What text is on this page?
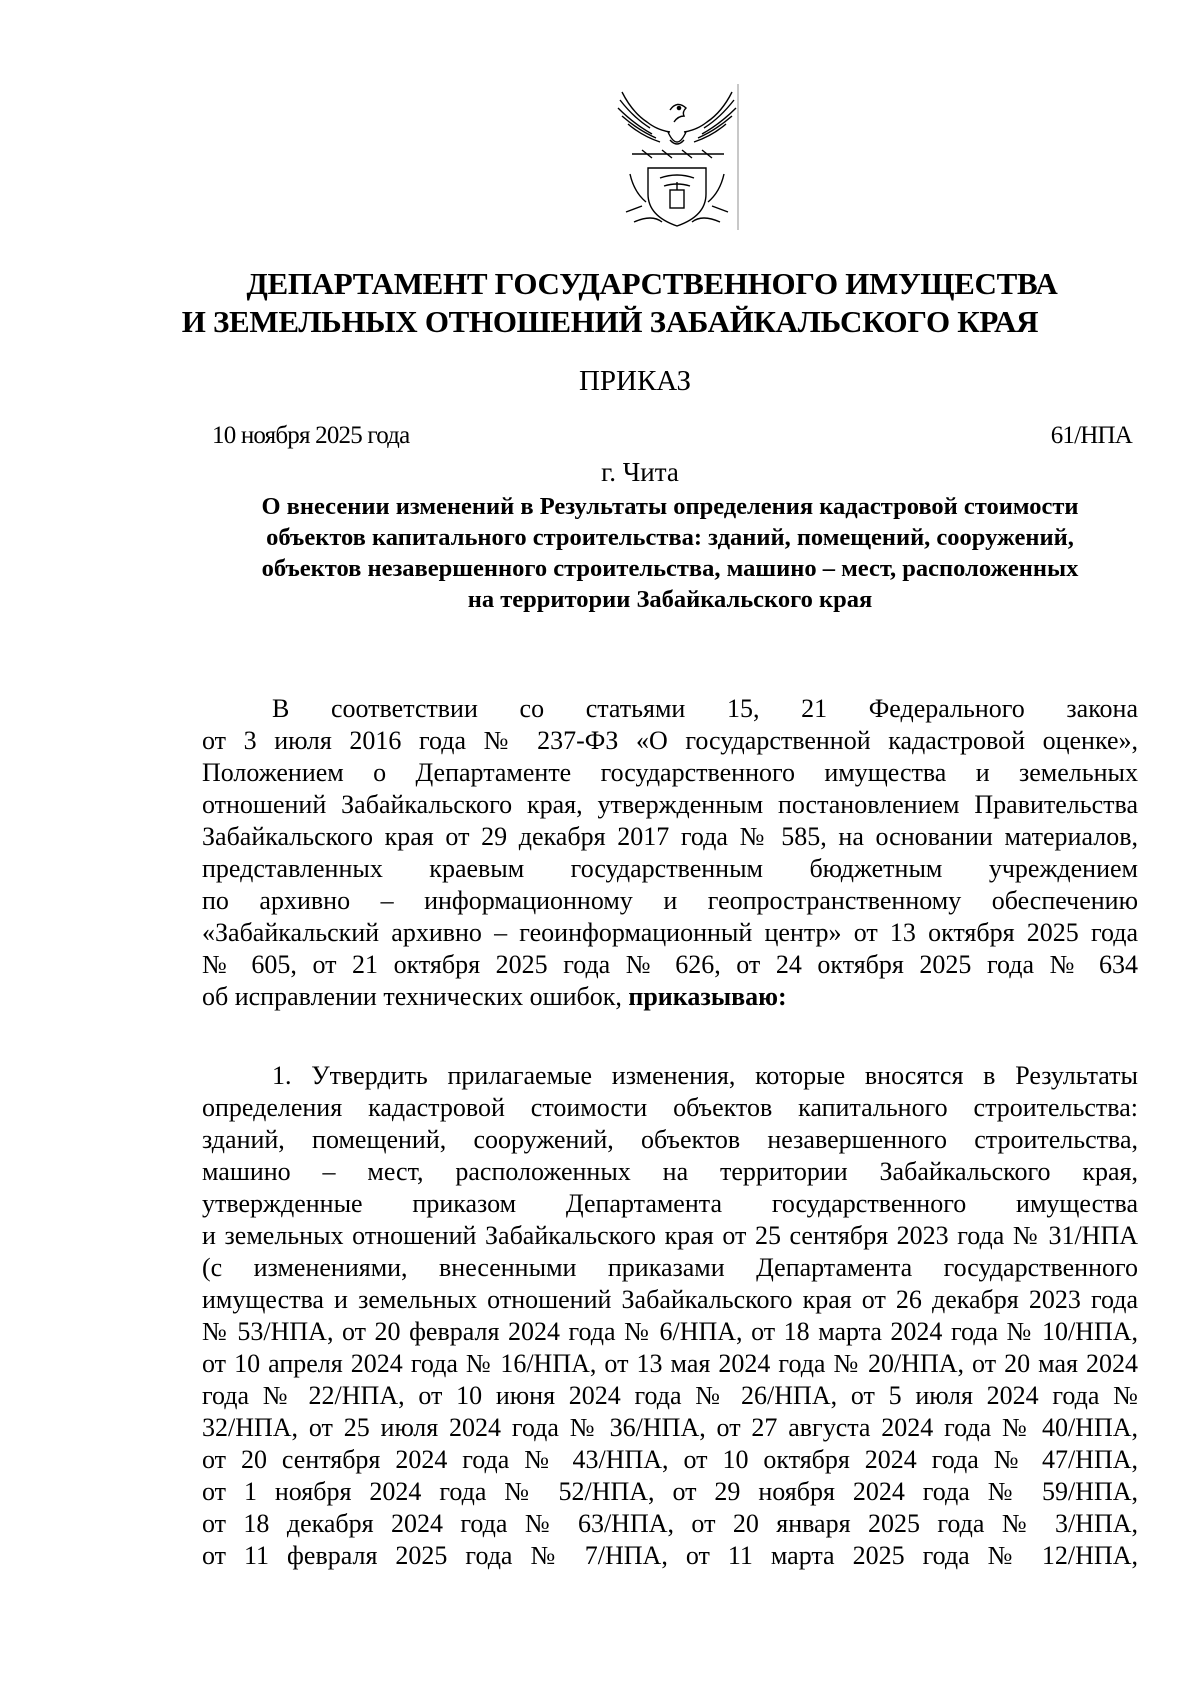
ДЕПАРТАМЕНТ ГОСУДАРСТВЕННОГО ИМУЩЕСТВА
И ЗЕМЕЛЬНЫХ ОТНОШЕНИЙ ЗАБАЙКАЛЬСКОГО КРАЯ
ПРИКАЗ
10 ноября 2025 года	61/НПА
г. Чита
О внесении изменений в Результаты определения кадастровой стоимости
объектов капитального строительства: зданий, помещений, сооружений,
объектов незавершенного строительства, машино – мест, расположенных
на территории Забайкальского края
В соответствии со статьями 15, 21 Федерального закона
от 3 июля 2016 года № 237-ФЗ «О государственной кадастровой оценке»,
Положением о Департаменте государственного имущества и земельных
отношений Забайкальского края, утвержденным постановлением Правительства
Забайкальского края от 29 декабря 2017 года № 585, на основании материалов,
представленных краевым государственным бюджетным учреждением
по архивно – информационному и геопространственному обеспечению
«Забайкальский архивно – геоинформационный центр» от 13 октября 2025 года
№ 605, от 21 октября 2025 года № 626, от 24 октября 2025 года № 634
об исправлении технических ошибок, приказываю:
1. Утвердить прилагаемые изменения, которые вносятся в Результаты
определения кадастровой стоимости объектов капитального строительства:
зданий, помещений, сооружений, объектов незавершенного строительства,
машино – мест, расположенных на территории Забайкальского края,
утвержденные приказом Департамента государственного имущества
и земельных отношений Забайкальского края от 25 сентября 2023 года № 31/НПА
(с изменениями, внесенными приказами Департамента государственного
имущества и земельных отношений Забайкальского края от 26 декабря 2023 года
№ 53/НПА, от 20 февраля 2024 года № 6/НПА, от 18 марта 2024 года № 10/НПА,
от 10 апреля 2024 года № 16/НПА, от 13 мая 2024 года № 20/НПА, от 20 мая 2024
года № 22/НПА, от 10 июня 2024 года № 26/НПА, от 5 июля 2024 года №
32/НПА, от 25 июля 2024 года № 36/НПА, от 27 августа 2024 года № 40/НПА,
от 20 сентября 2024 года № 43/НПА, от 10 октября 2024 года № 47/НПА,
от 1 ноября 2024 года № 52/НПА, от 29 ноября 2024 года № 59/НПА,
от 18 декабря 2024 года № 63/НПА, от 20 января 2025 года № 3/НПА,
от 11 февраля 2025 года № 7/НПА, от 11 марта 2025 года № 12/НПА,
